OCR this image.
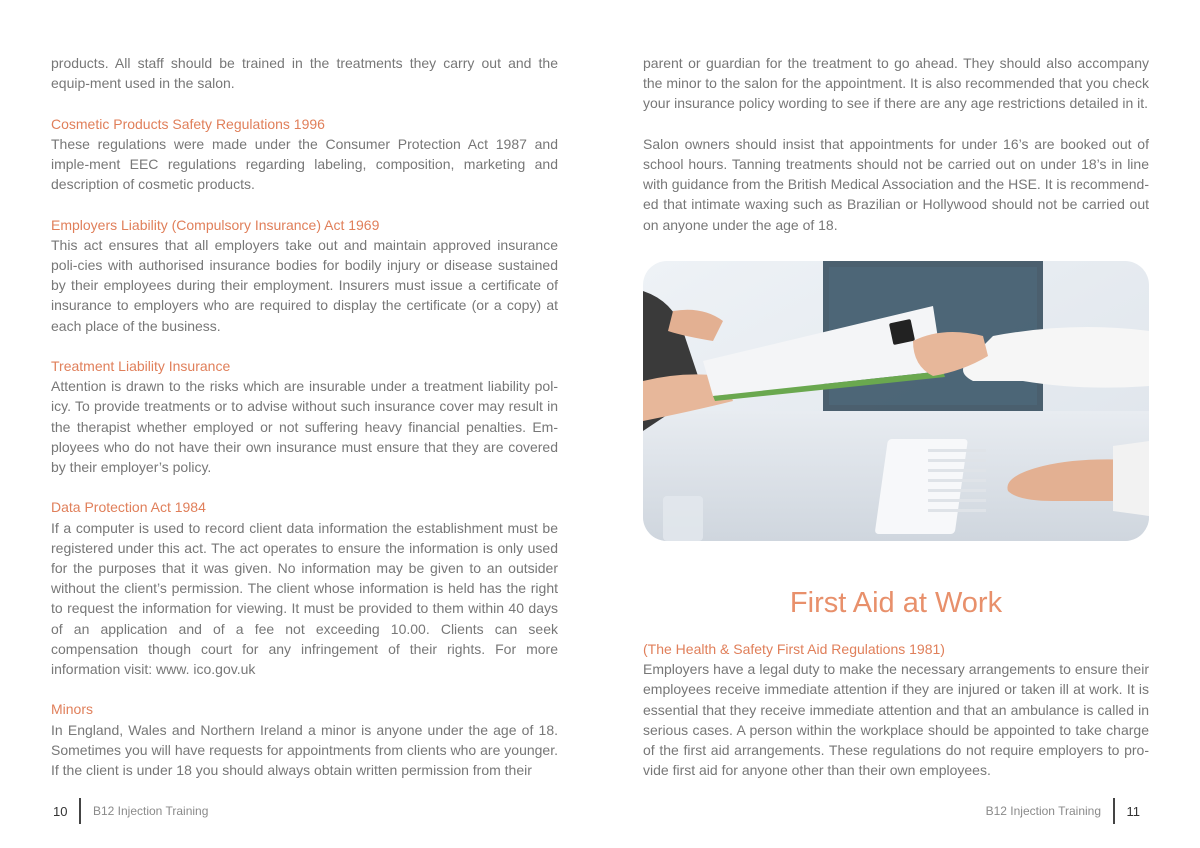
products. All staff should be trained in the treatments they carry out and the equip-ment used in the salon.

Cosmetic Products Safety Regulations 1996

These regulations were made under the Consumer Protection Act 1987 and imple-ment EEC regulations regarding labeling, composition, marketing and description of cosmetic products.

Employers Liability (Compulsory Insurance) Act 1969

This act ensures that all employers take out and maintain approved insurance poli-cies with authorised insurance bodies for bodily injury or disease sustained by their employees during their employment. Insurers must issue a certificate of insurance to employers who are required to display the certificate (or a copy) at each place of the business.

Treatment Liability Insurance

Attention is drawn to the risks which are insurable under a treatment liability pol-icy. To provide treatments or to advise without such insurance cover may result in the therapist whether employed or not suffering heavy financial penalties. Em-ployees who do not have their own insurance must ensure that they are covered by their employer’s policy.

Data Protection Act 1984

If a computer is used to record client data information the establishment must be registered under this act. The act operates to ensure the information is only used for the purposes that it was given. No information may be given to an outsider without the client’s permission. The client whose information is held has the right to request the information for viewing. It must be provided to them within 40 days of an application and of a fee not exceeding 10.00. Clients can seek compensation though court for any infringement of their rights. For more information visit: www. ico.gov.uk

Minors

In England, Wales and Northern Ireland a minor is anyone under the age of 18. Sometimes you will have requests for appointments from clients who are younger. If the client is under 18 you should always obtain written permission from their

10 B12 Injection Training

parent or guardian for the treatment to go ahead. They should also accompany the minor to the salon for the appointment. It is also recommended that you check your insurance policy wording to see if there are any age restrictions detailed in it.

Salon owners should insist that appointments for under 16’s are booked out of school hours. Tanning treatments should not be carried out on under 18’s in line with guidance from the British Medical Association and the HSE. It is recommend-ed that intimate waxing such as Brazilian or Hollywood should not be carried out on anyone under the age of 18.

First Aid at Work
(The Health & Safety First Aid Regulations 1981)

Employers have a legal duty to make the necessary arrangements to ensure their employees receive immediate attention if they are injured or taken ill at work. It is essential that they receive immediate attention and that an ambulance is called in serious cases. A person within the workplace should be appointed to take charge of the first aid arrangements. These regulations do not require employers to pro-vide first aid for anyone other than their own employees.

B12 Injection Training 11
